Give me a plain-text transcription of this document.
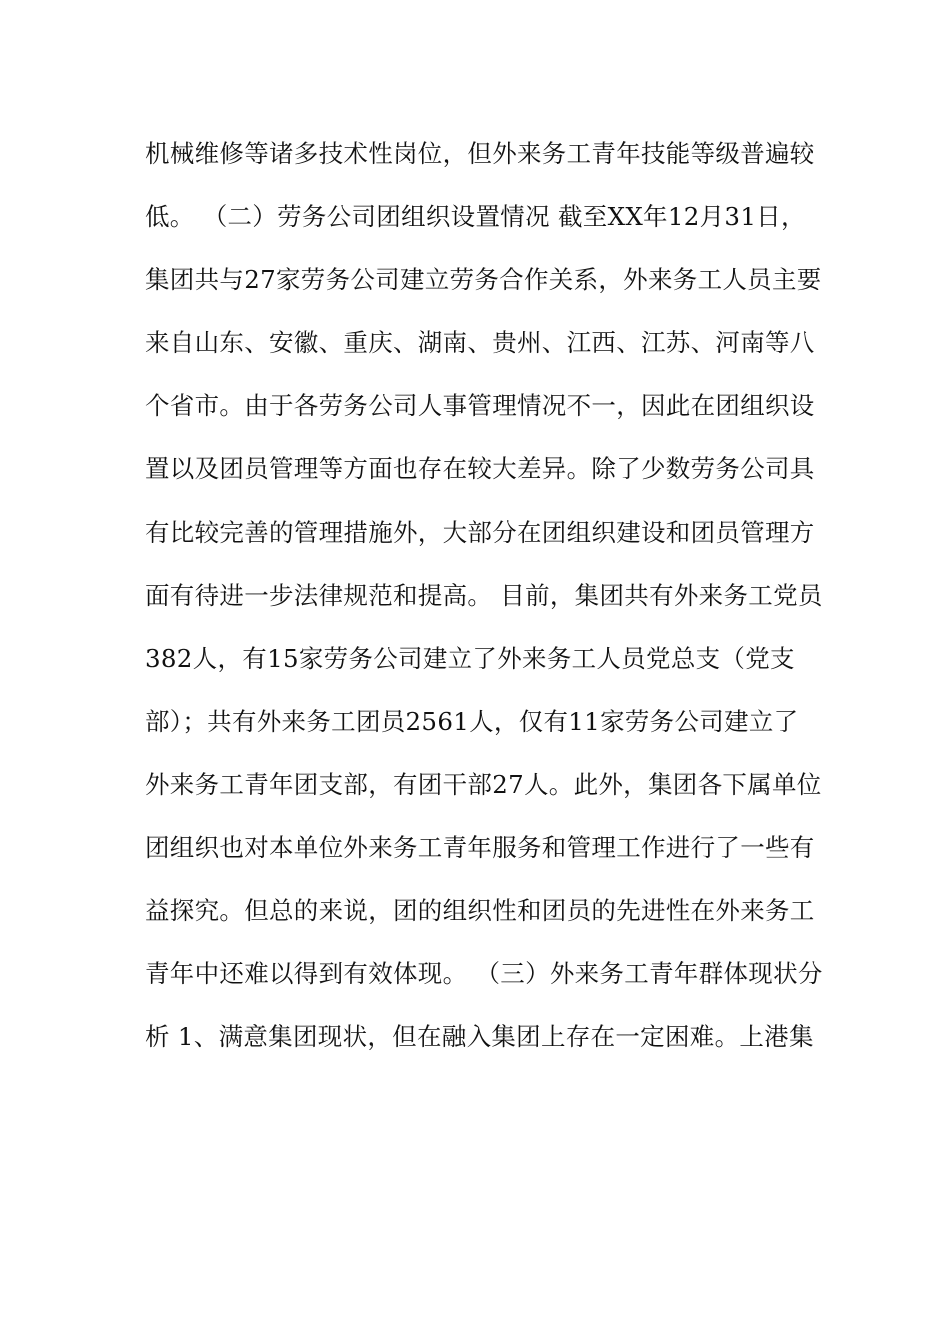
机械维修等诸多技术性岗位，但外来务工青年技能等级普遍较
低。 （二）劳务公司团组织设置情况 截至XX年12月31日，
集团共与27家劳务公司建立劳务合作关系，外来务工人员主要
来自山东、安徽、重庆、湖南、贵州、江西、江苏、河南等八
个省市。由于各劳务公司人事管理情况不一，因此在团组织设
置以及团员管理等方面也存在较大差异。除了少数劳务公司具
有比较完善的管理措施外，大部分在团组织建设和团员管理方
面有待进一步法律规范和提高。 目前，集团共有外来务工党员
382人，有15家劳务公司建立了外来务工人员党总支（党支
部）；共有外来务工团员2561人，仅有11家劳务公司建立了
外来务工青年团支部，有团干部27人。此外，集团各下属单位
团组织也对本单位外来务工青年服务和管理工作进行了一些有
益探究。但总的来说，团的组织性和团员的先进性在外来务工
青年中还难以得到有效体现。 （三）外来务工青年群体现状分
析 1、满意集团现状，但在融入集团上存在一定困难。上港集
